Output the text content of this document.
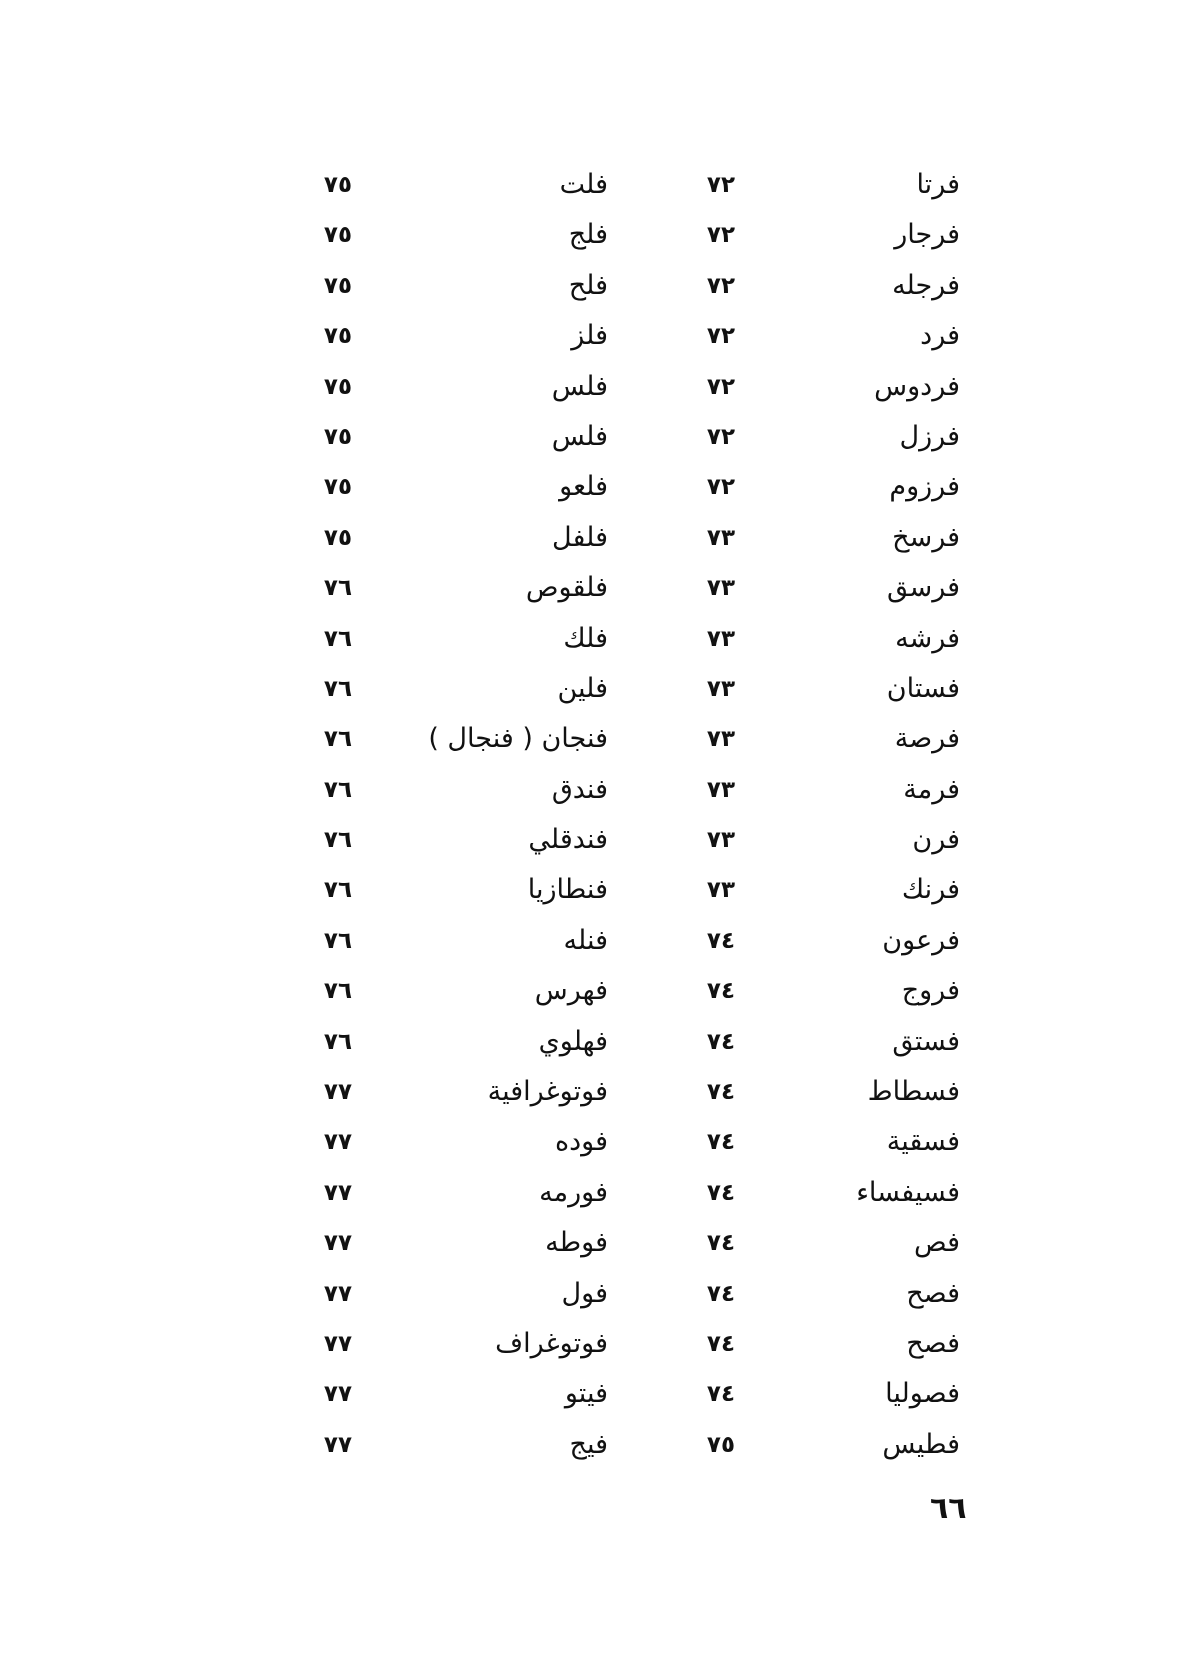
فرتا
٧٢
فلت
٧٥
فرجار
٧٢
فلج
٧٥
فرجله
٧٢
فلح
٧٥
فرد
٧٢
فلز
٧٥
فردوس
٧٢
فلس
٧٥
فرزل
٧٢
فلس
٧٥
فرزوم
٧٢
فلعو
٧٥
فرسخ
٧٣
فلفل
٧٥
فرسق
٧٣
فلقوص
٧٦
فرشه
٧٣
فلك
٧٦
فستان
٧٣
فلين
٧٦
فرصة
٧٣
فنجان ( فنجال )
٧٦
فرمة
٧٣
فندق
٧٦
فرن
٧٣
فندقلي
٧٦
فرنك
٧٣
فنطازيا
٧٦
فرعون
٧٤
فنله
٧٦
فروج
٧٤
فهرس
٧٦
فستق
٧٤
فهلوي
٧٦
فسطاط
٧٤
فوتوغرافية
٧٧
فسقية
٧٤
فوده
٧٧
فسيفساء
٧٤
فورمه
٧٧
فص
٧٤
فوطه
٧٧
فصح
٧٤
فول
٧٧
فصح
٧٤
فوتوغراف
٧٧
فصوليا
٧٤
فيتو
٧٧
فطيس
٧٥
فيج
٧٧
٦٦
